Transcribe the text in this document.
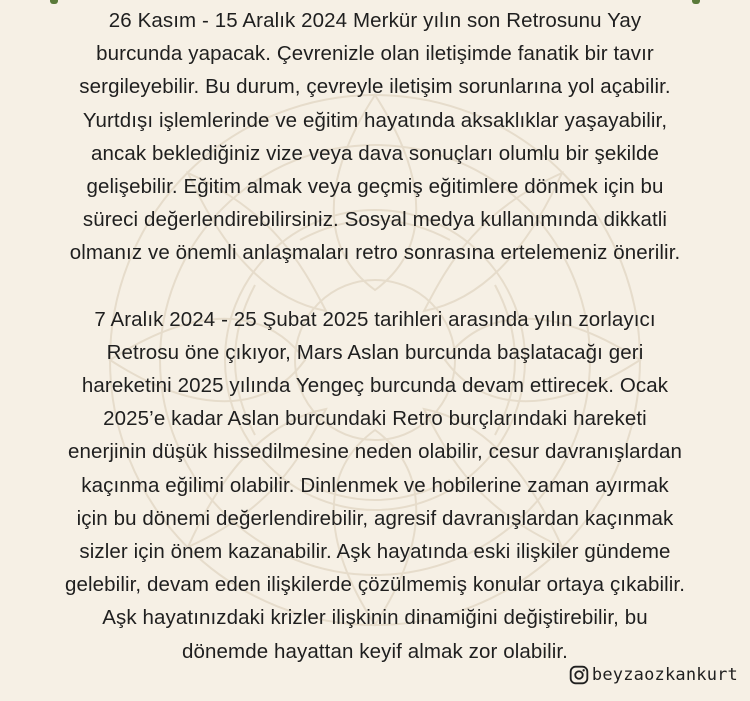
26 Kasım - 15 Aralık 2024 Merkür yılın son Retrosunu Yay
burcunda yapacak. Çevrenizle olan iletişimde fanatik bir tavır
sergileyebilir. Bu durum, çevreyle iletişim sorunlarına yol açabilir.
Yurtdışı işlemlerinde ve eğitim hayatında aksaklıklar yaşayabilir,
ancak beklediğiniz vize veya dava sonuçları olumlu bir şekilde
gelişebilir. Eğitim almak veya geçmiş eğitimlere dönmek için bu
süreci değerlendirebilirsiniz. Sosyal medya kullanımında dikkatli
olmanız ve önemli anlaşmaları retro sonrasına ertelemeniz önerilir.

7 Aralık 2024 - 25 Şubat 2025 tarihleri arasında yılın zorlayıcı
Retrosu öne çıkıyor, Mars Aslan burcunda başlatacağı geri
hareketini 2025 yılında Yengeç burcunda devam ettirecek. Ocak
2025’e kadar Aslan burcundaki Retro burçlarındaki hareketi
enerjinin düşük hissedilmesine neden olabilir, cesur davranışlardan
kaçınma eğilimi olabilir. Dinlenmek ve hobilerine zaman ayırmak
için bu dönemi değerlendirebilir, agresif davranışlardan kaçınmak
sizler için önem kazanabilir. Aşk hayatında eski ilişkiler gündeme
gelebilir, devam eden ilişkilerde çözülmemiş konular ortaya çıkabilir.
Aşk hayatınızdaki krizler ilişkinin dinamiğini değiştirebilir, bu
dönemde hayattan keyif almak zor olabilir.

beyzaozkankurt
